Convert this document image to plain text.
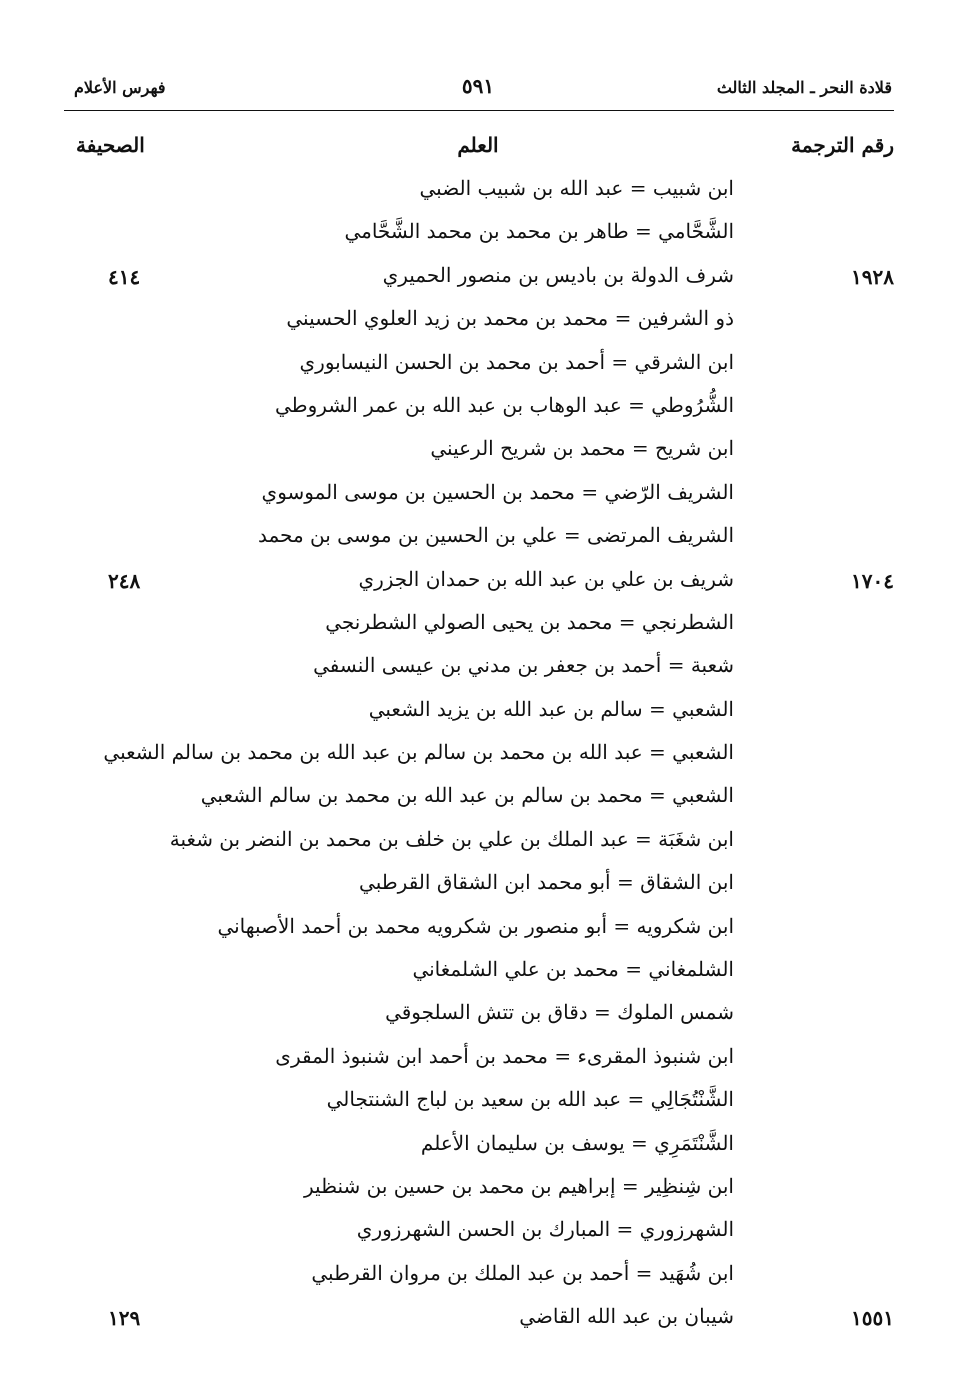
قلادة النحر ـ المجلد الثالث
٥٩١
فهرس الأعلام
رقم الترجمة
العلم
الصحيفة
ابن شبيب = عبد الله بن شبيب الضبي
الشَّحَّامي = طاهر بن محمد بن محمد الشَّحَّامي
١٩٢٨
شرف الدولة بن باديس بن منصور الحميري
٤١٤
ذو الشرفين = محمد بن محمد بن زيد العلوي الحسيني
ابن الشرقي = أحمد بن محمد بن الحسن النيسابوري
الشُّرُوطي = عبد الوهاب بن عبد الله بن عمر الشروطي
ابن شريح = محمد بن شريح الرعيني
الشريف الرّضي = محمد بن الحسين بن موسى الموسوي
الشريف المرتضى = علي بن الحسين بن موسى بن محمد
١٧٠٤
شريف بن علي بن عبد الله بن حمدان الجزري
٢٤٨
الشطرنجي = محمد بن يحيى الصولي الشطرنجي
شعبة = أحمد بن جعفر بن مدني بن عيسى النسفي
الشعبي = سالم بن عبد الله بن يزيد الشعبي
الشعبي = عبد الله بن محمد بن سالم بن عبد الله بن محمد بن سالم الشعبي
الشعبي = محمد بن سالم بن عبد الله بن محمد بن سالم الشعبي
ابن شغَبَة = عبد الملك بن علي بن خلف بن محمد بن النضر بن شغبة
ابن الشقاق = أبو محمد ابن الشقاق القرطبي
ابن شكرويه = أبو منصور بن شكرويه محمد بن أحمد الأصبهاني
الشلمغاني = محمد بن علي الشلمغاني
شمس الملوك = دقاق بن تتش السلجوقي
ابن شنبوذ المقرىء = محمد بن أحمد ابن شنبوذ المقرى
الشَّنْتُجَالِي = عبد الله بن سعيد بن لباج الشنتجالي
الشَّنْتَمَرِي = يوسف بن سليمان الأعلم
ابن شِنظِير = إبراهيم بن محمد بن حسين بن شنظير
الشهرزوري = المبارك بن الحسن الشهرزوري
ابن شُهَيد = أحمد بن عبد الملك بن مروان القرطبي
١٥٥١
شيبان بن عبد الله القاضي
١٢٩
